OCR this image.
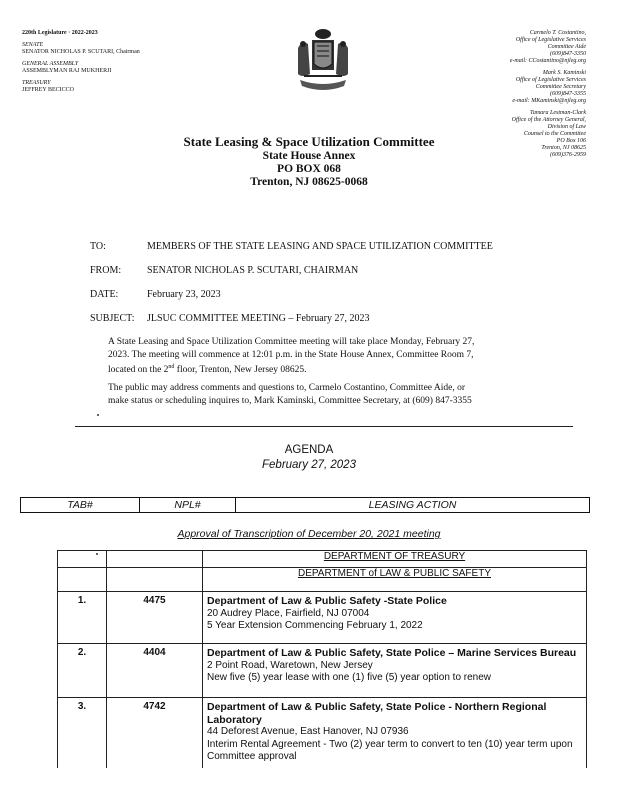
220th Legislature · 2022-2023
SENATE
SENATOR NICHOLAS P. SCUTARI, Chairman
GENERAL ASSEMBLY
ASSEMBLYMAN RAJ MUKHERJI
TREASURY
JEFFREY BECICCO
Carmelo T. Costantino,
Office of Legislative Services
Committee Aide
(609)847-3350
e-mail: CCostantino@njleg.org
Mark S. Kaminski
Office of Legislative Services
Committee Secretary
(609)847-3355
e-mail: MKaminski@njleg.org
Tamara Lestman-Clark
Office of the Attorney General,
Division of Law
Counsel to the Committee
PO Box 106
Trenton, NJ 08625
(609)376-2959
State Leasing & Space Utilization Committee
State House Annex
PO BOX 068
Trenton, NJ 08625-0068
TO:	MEMBERS OF THE STATE LEASING AND SPACE UTILIZATION COMMITTEE
FROM:	SENATOR NICHOLAS P. SCUTARI, CHAIRMAN
DATE:	February 23, 2023
SUBJECT: JLSUC COMMITTEE MEETING – February 27, 2023
A State Leasing and Space Utilization Committee meeting will take place Monday, February 27,
2023. The meeting will commence at 12:01 p.m. in the State House Annex, Committee Room 7,
located on the 2nd floor, Trenton, New Jersey 08625.
The public may address comments and questions to, Carmelo Costantino, Committee Aide, or
make status or scheduling inquires to, Mark Kaminski, Committee Secretary, at (609) 847-3355
AGENDA
February 27, 2023
TAB#	NPL#	LEASING ACTION
Approval of Transcription of December 20, 2021 meeting
		DEPARTMENT OF TREASURY
		DEPARTMENT of LAW & PUBLIC SAFETY
1.	4475	Department of Law & Public Safety -State Police
20 Audrey Place, Fairfield, NJ 07004
5 Year Extension Commencing February 1, 2022

2.	4404	Department of Law & Public Safety, State Police – Marine Services Bureau
2 Point Road, Waretown, New Jersey
New five (5) year lease with one (1) five (5) year option to renew

3.	4742	Department of Law & Public Safety, State Police - Northern Regional Laboratory
44 Deforest Avenue, East Hanover, NJ 07936
Interim Rental Agreement - Two (2) year term to convert to ten (10) year term upon
Committee approval
